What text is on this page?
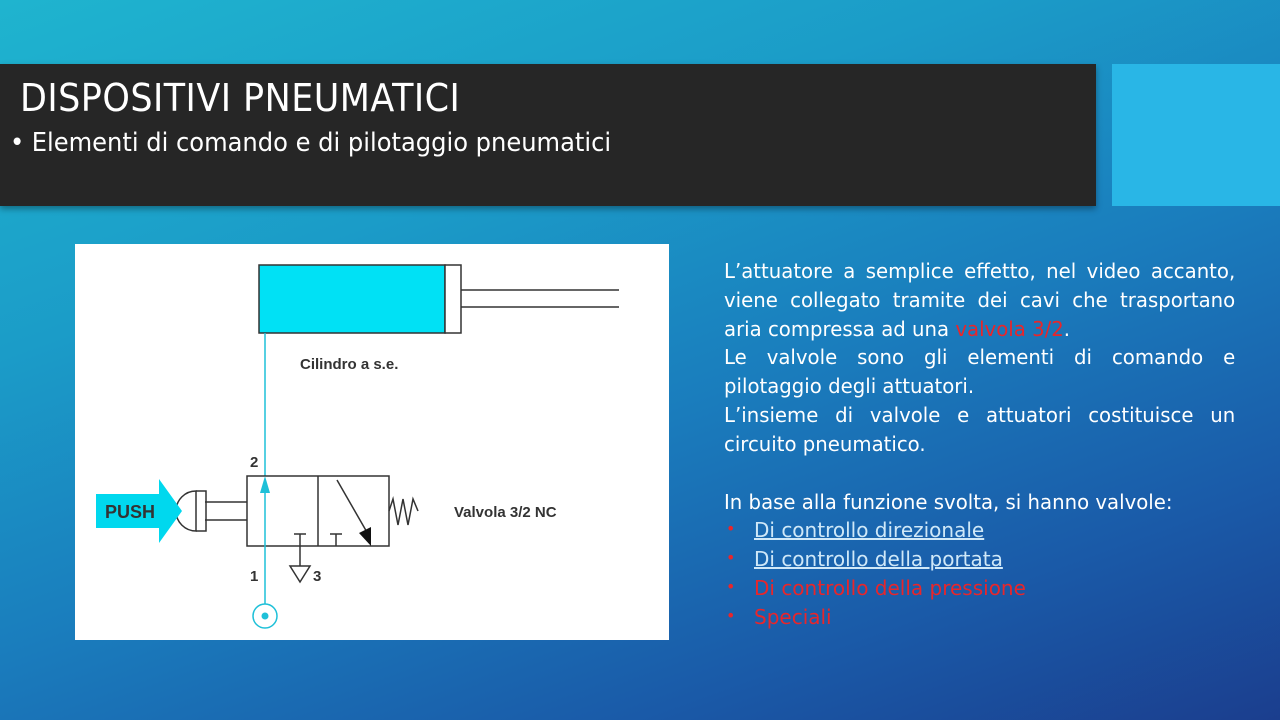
DISPOSITIVI PNEUMATICI

• Elementi di comando e di pilotaggio pneumatici

Cilindro a s.e.
2
1	3
PUSH	Valvola 3/2 NC

L’attuatore a semplice effetto, nel video accanto, viene collegato tramite dei cavi che trasportano aria compressa ad una valvola 3/2.

Le valvole sono gli elementi di comando e pilotaggio degli attuatori.

L’insieme di valvole e attuatori costituisce un circuito pneumatico.

In base alla funzione svolta, si hanno valvole:

• Di controllo direzionale
• Di controllo della portata
• Di controllo della pressione
• Speciali
